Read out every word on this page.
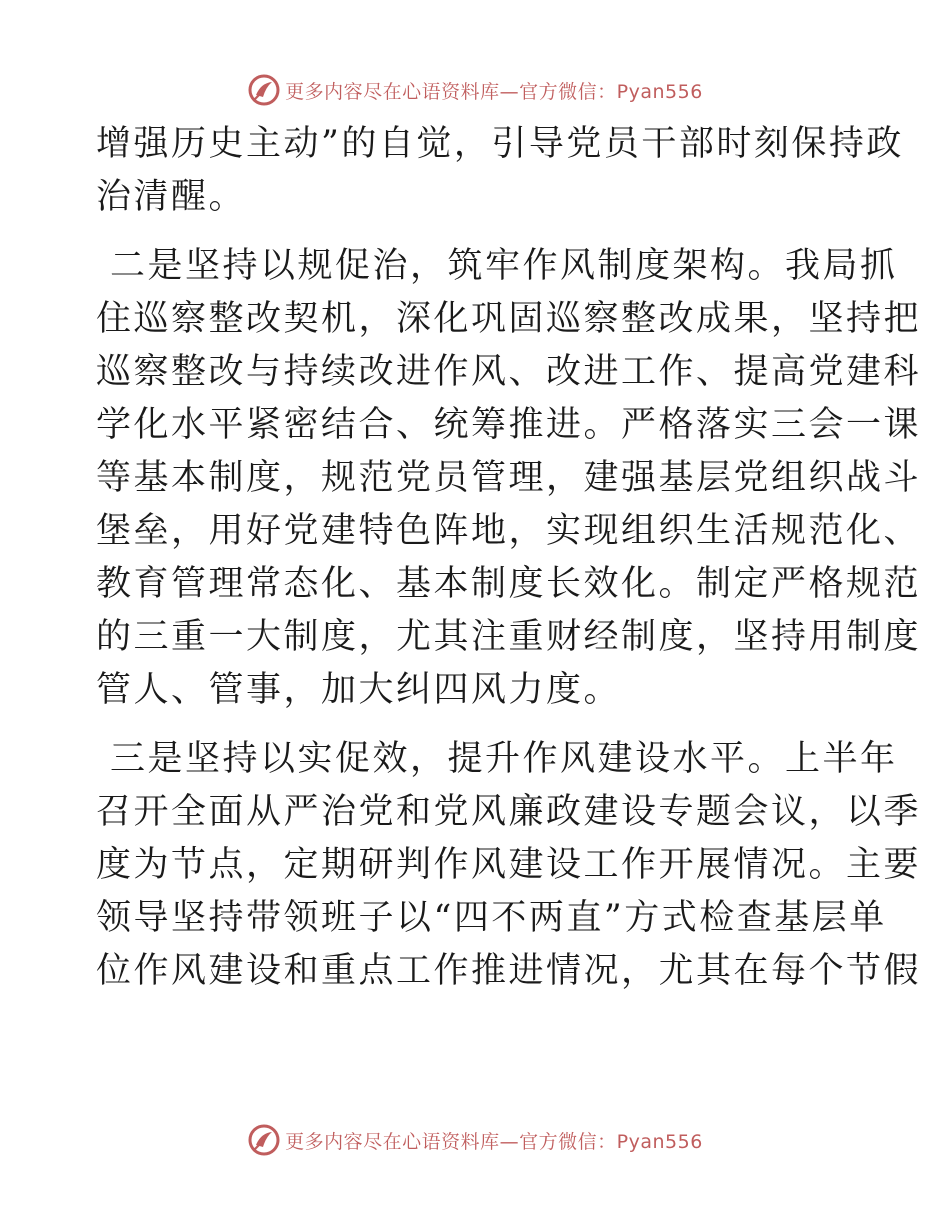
更多内容尽在心语资料库—官方微信：Pyan556
增强历史主动”的自觉，引导党员干部时刻保持政
治清醒。
二是坚持以规促治，筑牢作风制度架构。我局抓
住巡察整改契机，深化巩固巡察整改成果，坚持把
巡察整改与持续改进作风、改进工作、提高党建科
学化水平紧密结合、统筹推进。严格落实三会一课
等基本制度，规范党员管理，建强基层党组织战斗
堡垒，用好党建特色阵地，实现组织生活规范化、
教育管理常态化、基本制度长效化。制定严格规范
的三重一大制度，尤其注重财经制度，坚持用制度
管人、管事，加大纠四风力度。
三是坚持以实促效，提升作风建设水平。上半年
召开全面从严治党和党风廉政建设专题会议，以季
度为节点，定期研判作风建设工作开展情况。主要
领导坚持带领班子以“四不两直”方式检查基层单
位作风建设和重点工作推进情况，尤其在每个节假
更多内容尽在心语资料库—官方微信：Pyan556
